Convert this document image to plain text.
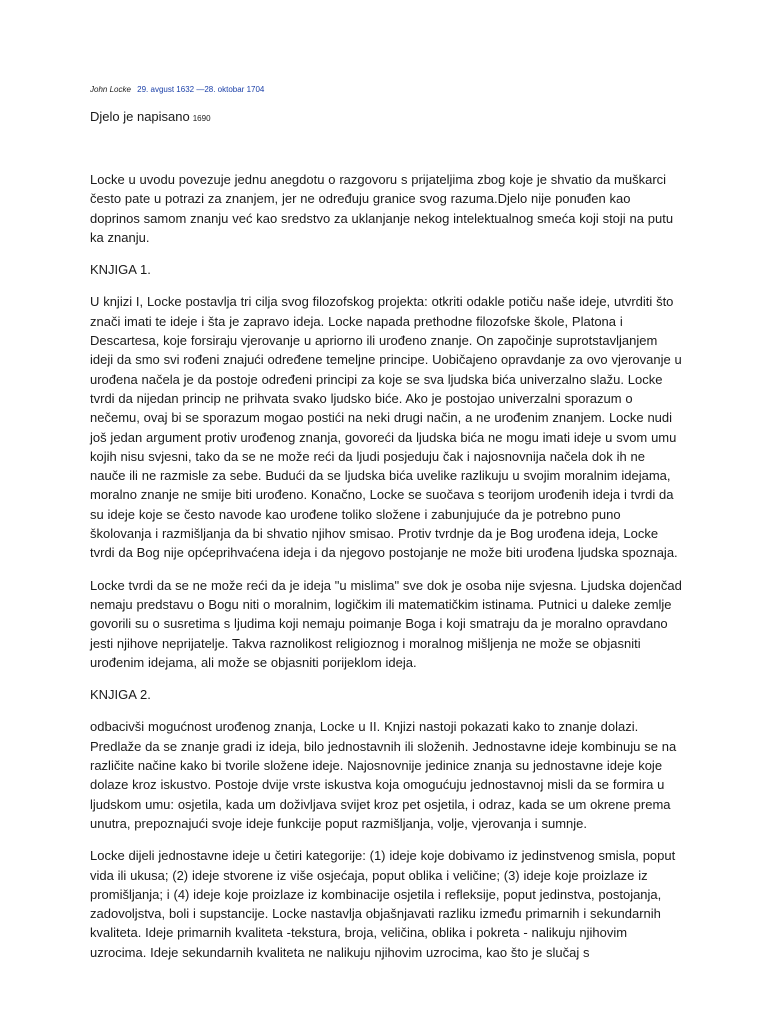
John Locke 29. avgust 1632 —28. oktobar 1704
Djelo je napisano 1690

Locke u uvodu povezuje jednu anegdotu o razgovoru s prijateljima zbog koje je shvatio da muškarci često pate u potrazi za znanjem, jer ne određuju granice svog razuma.Djelo nije ponuđen kao doprinos samom znanju već kao sredstvo za uklanjanje nekog intelektualnog smeća koji stoji na putu ka znanju.

KNJIGA 1.

U knjizi I, Locke postavlja tri cilja svog filozofskog projekta: otkriti odakle potiču naše ideje, utvrditi što znači imati te ideje i šta je zapravo ideja. Locke napada prethodne filozofske škole, Platona i Descartesa, koje forsiraju vjerovanje u apriorno ili urođeno znanje. On započinje suprotstavljanjem ideji da smo svi rođeni znajući određene temeljne principe. Uobičajeno opravdanje za ovo vjerovanje u urođena načela je da postoje određeni principi za koje se sva ljudska bića univerzalno slažu. Locke tvrdi da nijedan princip ne prihvata svako ljudsko biće. Ako je postojao univerzalni sporazum o nečemu, ovaj bi se sporazum mogao postići na neki drugi način, a ne urođenim znanjem. Locke nudi još jedan argument protiv urođenog znanja, govoreći da ljudska bića ne mogu imati ideje u svom umu kojih nisu svjesni, tako da se ne može reći da ljudi posjeduju čak i najosnovnija načela dok ih ne nauče ili ne razmisle za sebe. Budući da se ljudska bića uvelike razlikuju u svojim moralnim idejama, moralno znanje ne smije biti urođeno. Konačno, Locke se suočava s teorijom urođenih ideja i tvrdi da su ideje koje se često navode kao urođene toliko složene i zabunjujuće da je potrebno puno školovanja i razmišljanja da bi shvatio njihov smisao. Protiv tvrdnje da je Bog urođena ideja, Locke tvrdi da Bog nije općeprihvaćena ideja i da njegovo postojanje ne može biti urođena ljudska spoznaja.

Locke tvrdi da se ne može reći da je ideja "u mislima" sve dok je osoba nije svjesna. Ljudska dojenčad nemaju predstavu o Bogu niti o moralnim, logičkim ili matematičkim istinama. Putnici u daleke zemlje govorili su o susretima s ljudima koji nemaju poimanje Boga i koji smatraju da je moralno opravdano jesti njihove neprijatelje. Takva raznolikost religioznog i moralnog mišljenja ne može se objasniti urođenim idejama, ali može se objasniti porijeklom ideja.

KNJIGA 2.

odbacivši mogućnost urođenog znanja, Locke u II. Knjizi nastoji pokazati kako to znanje dolazi. Predlaže da se znanje gradi iz ideja, bilo jednostavnih ili složenih. Jednostavne ideje kombinuju se na različite načine kako bi tvorile složene ideje. Najosnovnije jedinice znanja su jednostavne ideje koje dolaze kroz iskustvo. Postoje dvije vrste iskustva koja omogućuju jednostavnoj misli da se formira u ljudskom umu: osjetila, kada um doživljava svijet kroz pet osjetila, i odraz, kada se um okrene prema unutra, prepoznajući svoje ideje funkcije poput razmišljanja, volje, vjerovanja i sumnje.

Locke dijeli jednostavne ideje u četiri kategorije: (1) ideje koje dobivamo iz jedinstvenog smisla, poput vida ili ukusa; (2) ideje stvorene iz više osjećaja, poput oblika i veličine; (3) ideje koje proizlaze iz promišljanja; i (4) ideje koje proizlaze iz kombinacije osjetila i refleksije, poput jedinstva, postojanja, zadovoljstva, boli i supstancije. Locke nastavlja objašnjavati razliku između primarnih i sekundarnih kvaliteta. Ideje primarnih kvaliteta -tekstura, broja, veličina, oblika i pokreta - nalikuju njihovim uzrocima. Ideje sekundarnih kvaliteta ne nalikuju njihovim uzrocima, kao što je slučaj s
